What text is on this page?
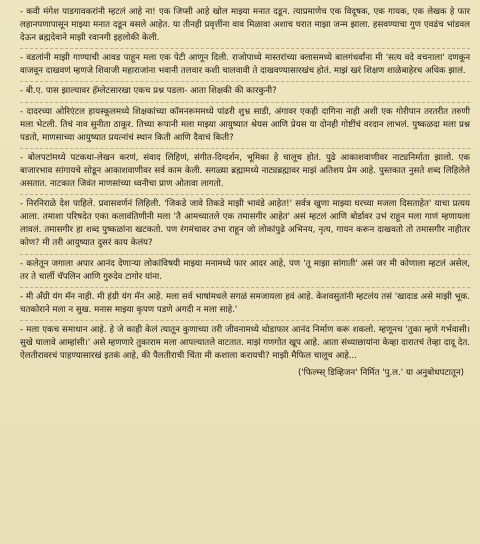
- कवी मंगेश पाडगावकरांनी म्हटलं आहे ना! एक जिप्सी आहे खोल माझ्या मनात दडून. त्याप्रमाणेच एक विदूषक, एक गायक, एक लेखक हे फार लहानपणापासून माझ्या मनात दडून बसले आहेत. या तीनही प्रवृत्तींना वाव मिळावा अशाच घरात माझा जन्म झाला. हसवण्याचा गुण एवढंच भांडवल देऊन ब्रह्मदेवाने माझी रवानगी इहलोकी केली.

- वडलांनी माझी गाण्याची आवड पाहून मला एक पेटी आणून दिली. राजोपाध्ये मास्तरांच्या क्लासमध्ये बालगंधर्वांना मी 'सत्य वदे वचनाला' दणकून वाजवून दाखवणं म्हणजे शिवाजी महाराजांना भवानी तलवार कशी चालवावी ते दाखवण्यासारखंच होतं. माझं खरं शिक्षण शाळेबाहेरच अधिक झालं.

- बी.ए. पास झाल्यावर हॅम्लेटसारखा एकच प्रश्न पडला- आता शिक्षकी की कारकुनी?

- दादरच्या ओरिएंटल हायस्कूलमध्ये शिक्षकांच्या कॉमनरूममध्ये पांढरी शुभ्र साडी, अंगावर एकही दागिना नाही अशी एक गोरीपान तरतरीत तरुणी मला भेटली. तिचं नाव सुनीता ठाकूर. तिच्या रूपानी मला माझ्या आयुष्यात श्रेयस आणि प्रेयस या दोनही गोष्टींचं वरदान लाभलं. पुष्कळदा मला प्रश्न पडतो, माणसाच्या आयुष्यात प्रयत्नांचं स्थान किती आणि दैवाचं किती?

- बोलपटांमध्ये पटकथा-लेखन करणं, संवाद लिहिणं, संगीत-दिग्दर्शन, भूमिका हे चालूच होतं. पुढे आकाशवाणीवर नाट्यनिर्माता झालो. एक बाजारभाव सांगायचे सोडून आकाशवाणीवर सर्व काम केली. सगळ्या ब्रह्मामध्ये नाट्यब्रह्मावर माझं अतिशय प्रेम आहे. पुस्तकात नुसते शब्द लिहिलेले असतात. नाटकात जिवंत माणसांच्या ध्वनीचा प्राण ओतावा लागतो.

- निरनिराळे देश पाहिले. प्रवासवर्णनं लिहिली. 'जिकडे जावे तिकडे माझी भावंडे आहेत!' सर्वत्र खुणा माझ्या घरच्या मजला दिसताहेत' याचा प्रत्यय आला. तमाशा परिषदेत एका कलावंतिणीनी मला 'तै आमच्यातले एक तमासगीर आहेत' असं म्हटलं आणि बोर्डावर उभं राहून मला गाणं म्हणायला लावलं. तमासगीर हा शब्द पुष्कळांना खटकतो. पण रंगमंचावर उभा राहून जो लोकांपुढे अभिनय, नृत्य, गायन करून दाखवतो तो तमासगीर नाहीतर कोण? मी तरी आयुष्यात दुसरं काय केलंय?

- कलेतून जगाला अपार आनंद देणाऱ्या लोकांविषयी माझ्या मनामध्ये फार आदर आहे, पण 'तू माझा सांगाती' असं जर मी कोणाला म्हटलं असेल, तर ते चार्ली चॅपलिन आणि गुरुदेव टागोर यांना.

- मी अँग्री यंग मॅन नाही. मी हंग्री यंग मॅन आहे. मला सर्व भाषांमधले सगळं समजायला हवं आहे. केशवसुतांनी म्हटलंय तसं 'खादाड असे माझी भूक. चतकोराने मला न सुख. मनास माझ्या कृपण पडणे अगदी न मला साहे.'

- मला एकच समाधान आहे. हे जे काही केलं त्यातून कुणाच्या तरी जीवनामध्ये थोडाफार आनंद निर्माण करू शकलो. म्हणूनच 'तुका म्हणे गर्भवासी। सुखे घालावे आम्हांसी।' असे म्हणणारे तुकाराम मला आपल्यातले वाटतात. माझं गणगोत खूप आहे. आता संध्याछायांना केव्हा दारातचं तेव्हा दादू देत. ऐलतीरावरचं पाहण्यासारखं इतकं आहे, की पैलतीराची चिंता मी कशाला करायची? माझी मैफिल चालूच आहे...

('फिल्म्स् डिव्हिजन' निर्मित 'पु.ल.' या अनुबोधपटातून)
